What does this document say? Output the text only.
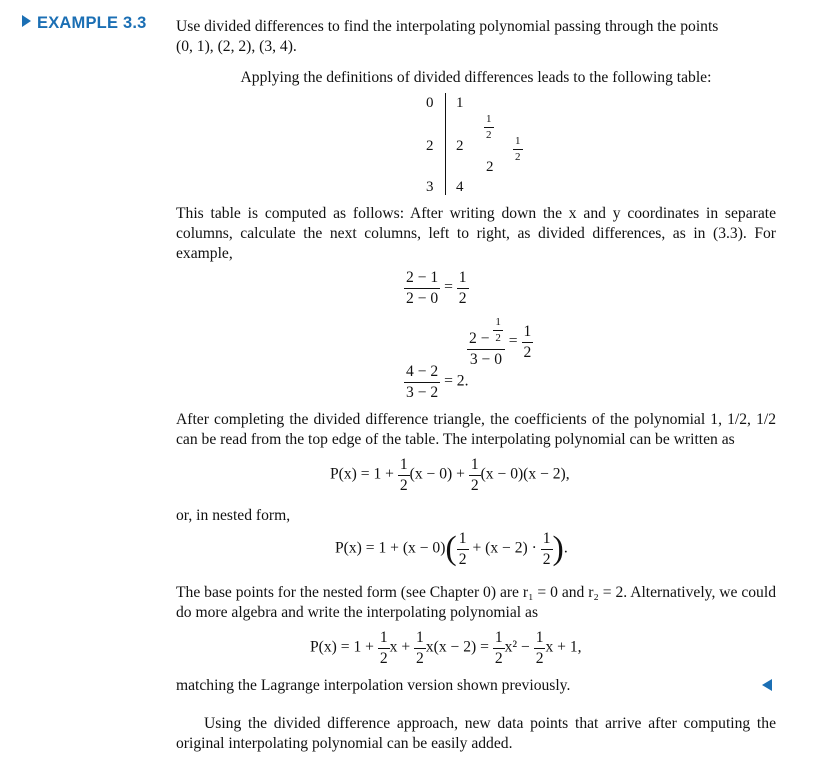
EXAMPLE 3.3 Use divided differences to find the interpolating polynomial passing through the points
(0, 1), (2, 2), (3, 4).
Applying the definitions of divided differences leads to the following table:
0
2
3
1
2
4
$\frac{1}{2}$
2
$\frac{1}{2}$
This table is computed as follows: After writing down the x and y coordinates in separate columns, calculate the next columns, left to right, as divided differences, as in (3.3). For example,
$\frac{2 - 1}{2 - 0} = \frac{1}{2}$
$\frac{2 - \frac{1}{2}}{3 - 0} = \frac{1}{2}$
$\frac{4 - 2}{3 - 2} = 2$.
After completing the divided difference triangle, the coefficients of the polynomial 1, 1/2, 1/2 can be read from the top edge of the table. The interpolating polynomial can be written as
$P(x) = 1 + \frac{1}{2} (x - 0) + \frac{1}{2} (x - 0)(x - 2)$,
or, in nested form,
$P(x) = 1 + (x - 0)( \frac{1}{2} + (x - 2) \cdot \frac{1}{2}$ ).
The base points for the nested form (see Chapter 0) are r₁ = 0 and r₂ = 2. Alternatively, we could do more algebra and write the interpolating polynomial as
$P(x) = 1 + \frac{1}{2}$ $x + \frac{1}{2} x(x - 2) = \frac{1}{2} x^2 - \frac{1}{2}$ x + 1,
matching the Lagrange interpolation version shown previously.
Using the divided difference approach, new data points that arrive after computing the original interpolating polynomial can be easily added.
